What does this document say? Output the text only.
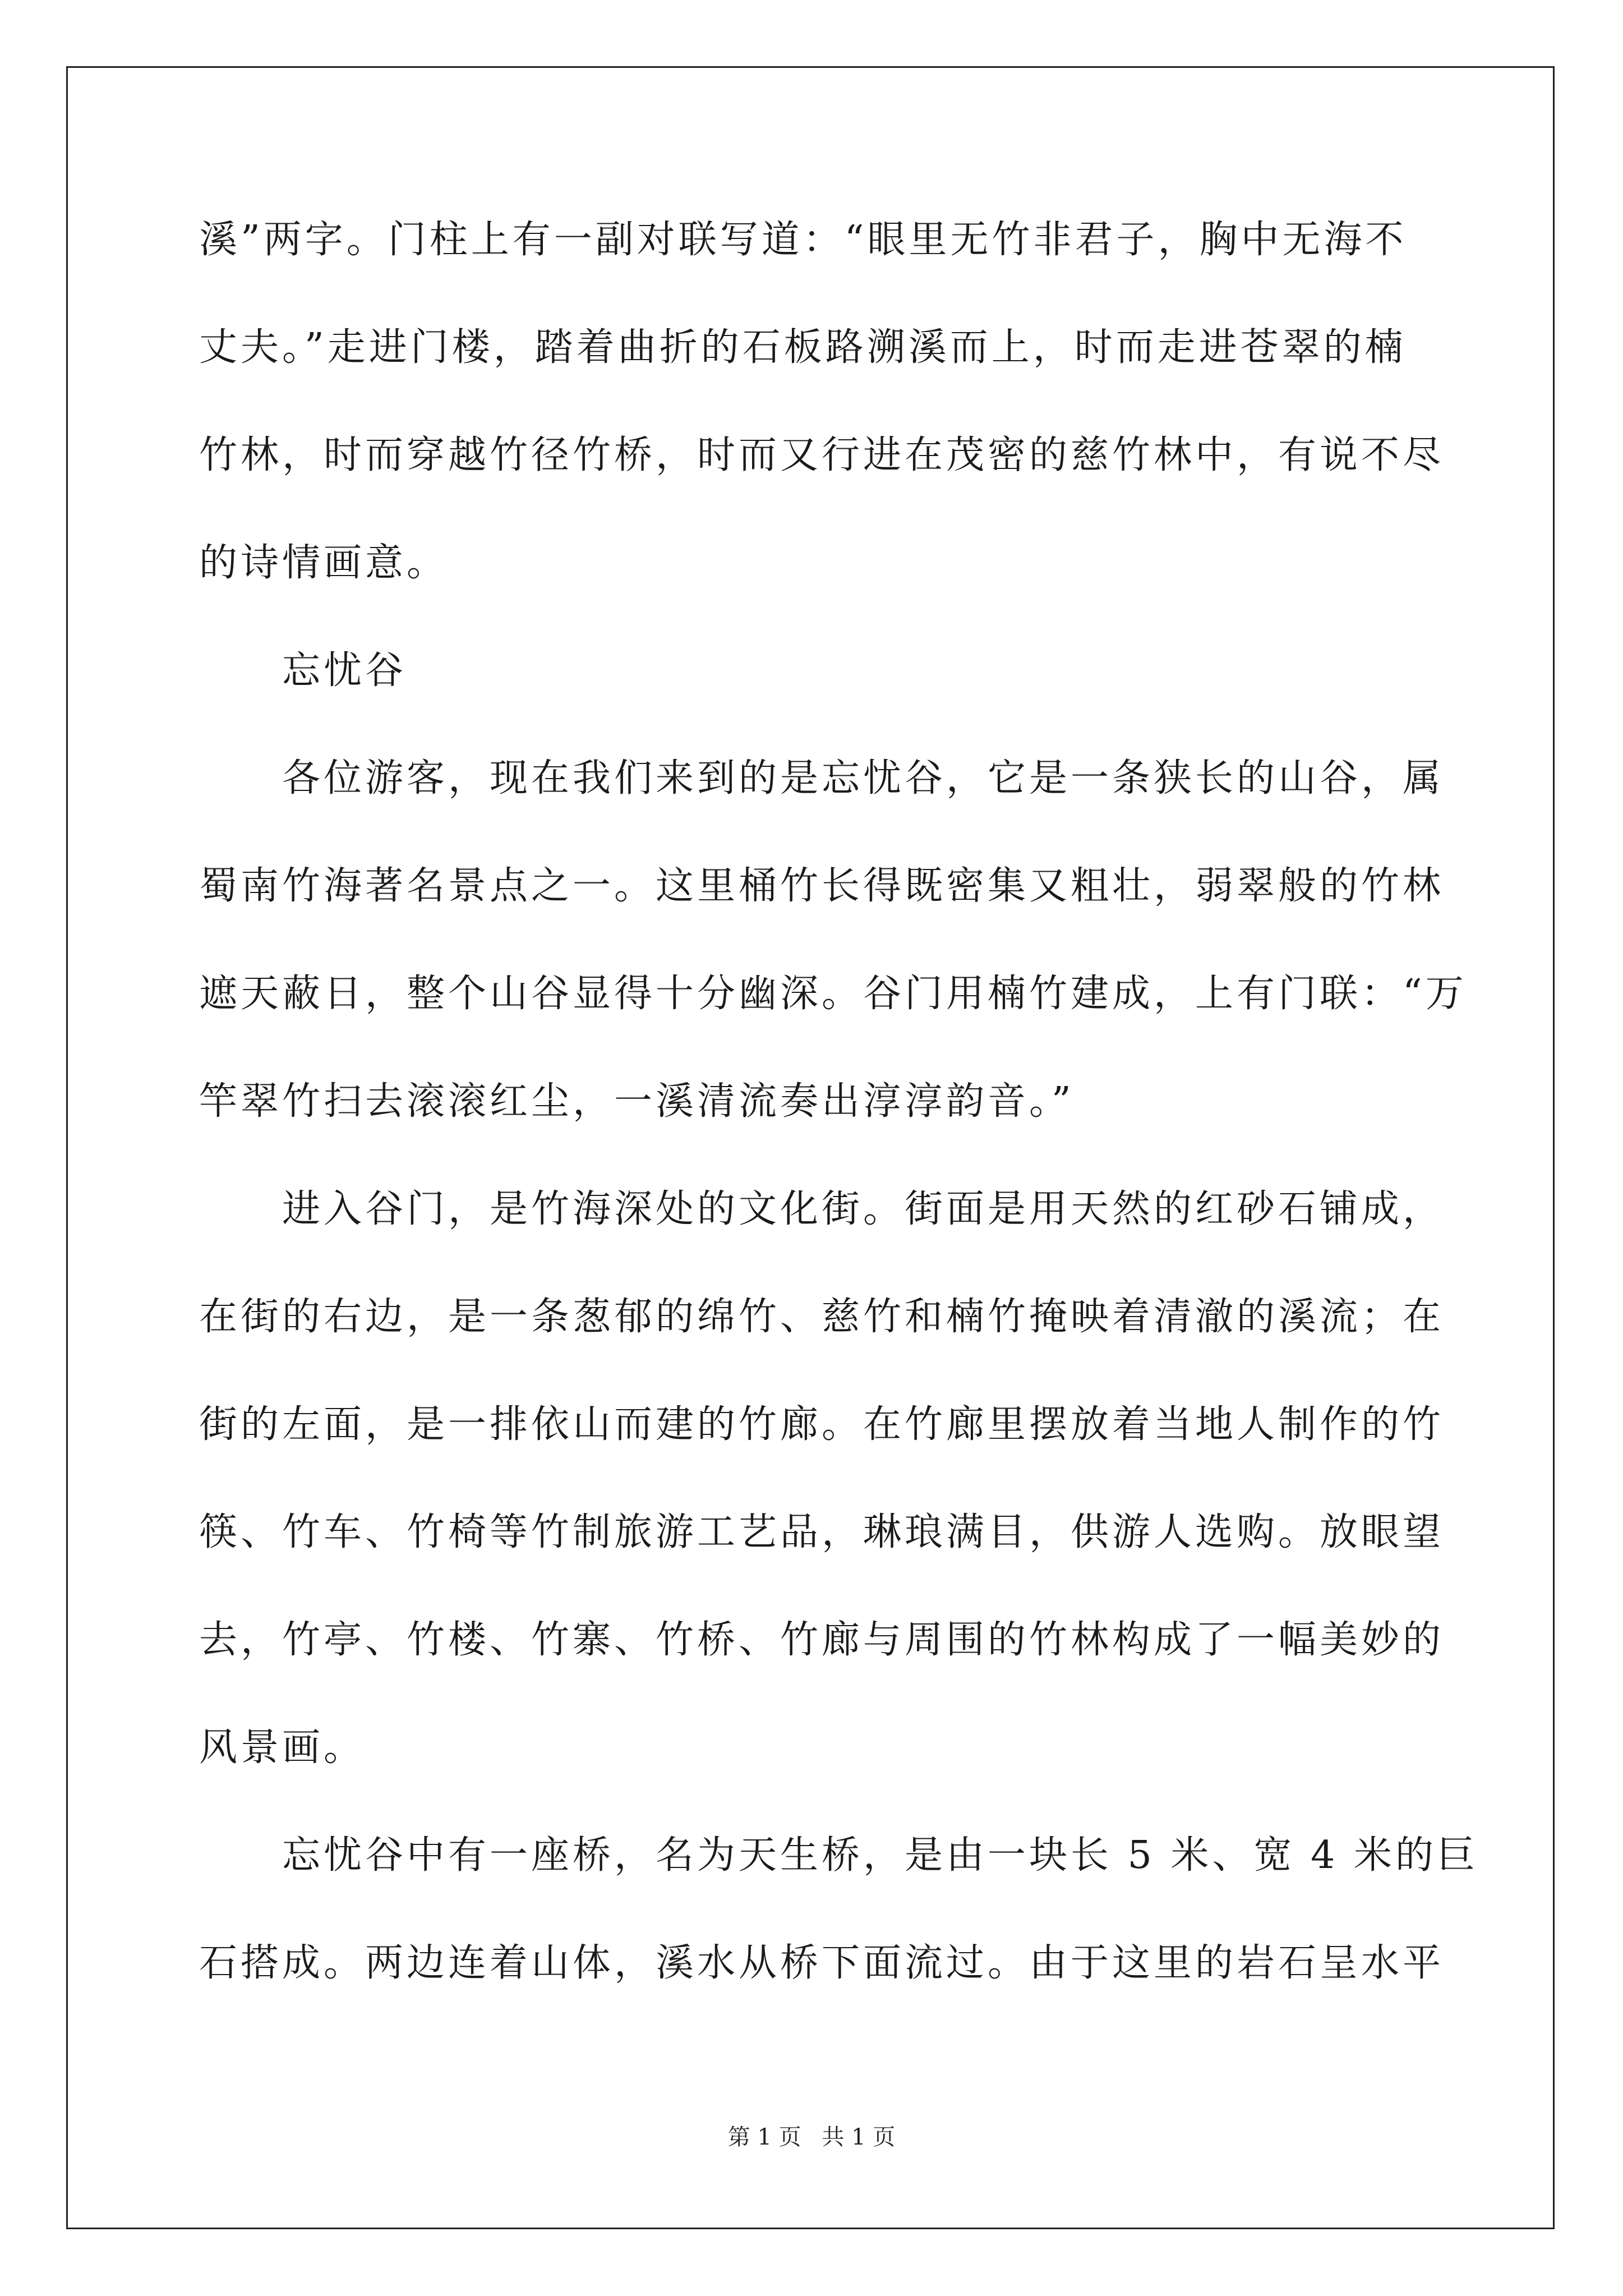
溪”两字。门柱上有一副对联写道：“眼里无竹非君子，胸中无海不
丈夫。”走进门楼，踏着曲折的石板路溯溪而上，时而走进苍翠的楠
竹林，时而穿越竹径竹桥，时而又行进在茂密的慈竹林中，有说不尽
的诗情画意。
忘忧谷
各位游客，现在我们来到的是忘忧谷，它是一条狭长的山谷，属
蜀南竹海著名景点之一。这里桶竹长得既密集又粗壮，弱翠般的竹林
遮天蔽日，整个山谷显得十分幽深。谷门用楠竹建成，上有门联：“万
竿翠竹扫去滚滚红尘，一溪清流奏出淳淳韵音。”
进入谷门，是竹海深处的文化街。街面是用天然的红砂石铺成，
在街的右边，是一条葱郁的绵竹、慈竹和楠竹掩映着清澈的溪流；在
街的左面，是一排依山而建的竹廊。在竹廊里摆放着当地人制作的竹
筷、竹车、竹椅等竹制旅游工艺品，琳琅满目，供游人选购。放眼望
去，竹亭、竹楼、竹寨、竹桥、竹廊与周围的竹林构成了一幅美妙的
风景画。
忘忧谷中有一座桥，名为天生桥，是由一块长 5 米、宽 4 米的巨
石搭成。两边连着山体，溪水从桥下面流过。由于这里的岩石呈水平
第 1 页 共 1 页
